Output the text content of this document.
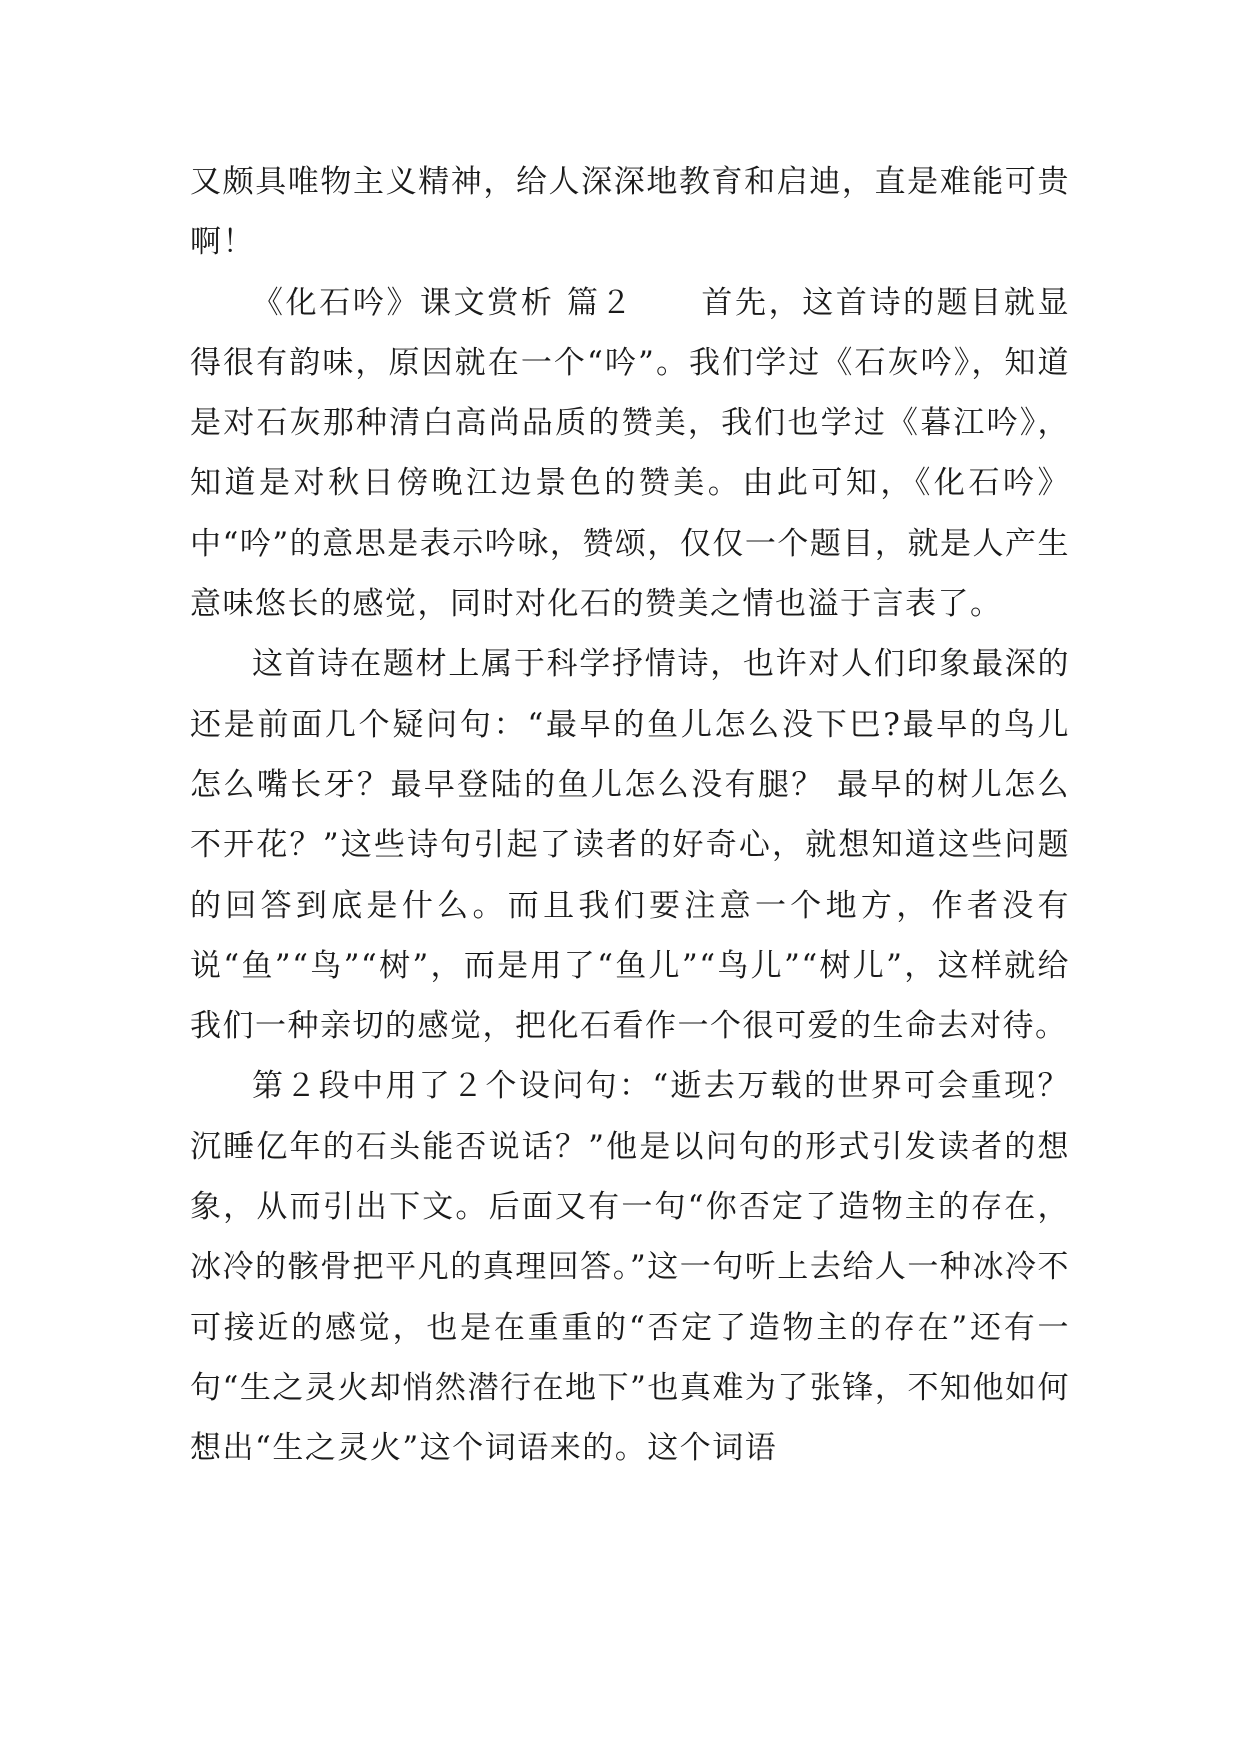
又颇具唯物主义精神，给人深深地教育和启迪，直是难能可贵啊！

《化石吟》课文赏析 篇２　　首先，这首诗的题目就显得很有韵味，原因就在一个“吟”。我们学过《石灰吟》，知道是对石灰那种清白高尚品质的赞美，我们也学过《暮江吟》，知道是对秋日傍晚江边景色的赞美。由此可知，《化石吟》中“吟”的意思是表示吟咏，赞颂，仅仅一个题目，就是人产生意味悠长的感觉，同时对化石的赞美之情也溢于言表了。

这首诗在题材上属于科学抒情诗，也许对人们印象最深的还是前面几个疑问句：“最早的鱼儿怎么没下巴?最早的鸟儿怎么嘴长牙？最早登陆的鱼儿怎么没有腿？ 最早的树儿怎么不开花？”这些诗句引起了读者的好奇心，就想知道这些问题的回答到底是什么。而且我们要注意一个地方，作者没有说“鱼”“鸟”“树”，而是用了“鱼儿”“鸟儿”“树儿”，这样就给我们一种亲切的感觉，把化石看作一个很可爱的生命去对待。

第２段中用了２个设问句：“逝去万载的世界可会重现？沉睡亿年的石头能否说话？”他是以问句的形式引发读者的想象，从而引出下文。后面又有一句“你否定了造物主的存在，冰冷的骸骨把平凡的真理回答。”这一句听上去给人一种冰冷不可接近的感觉，也是在重重的“否定了造物主的存在”还有一句“生之灵火却悄然潜行在地下”也真难为了张锋，不知他如何想出“生之灵火”这个词语来的。这个词语
